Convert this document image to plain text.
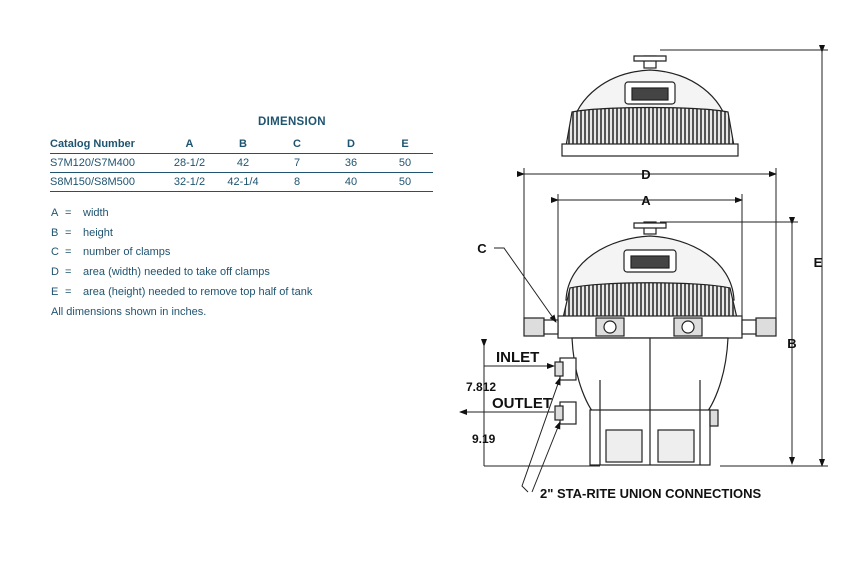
DIMENSION
Catalog Number	A	B	C	D	E
S7M120/S7M400	28-1/2	42	7	36	50
S8M150/S8M500	32-1/2	42-1/4	8	40	50
A = width
B = height
C = number of clamps
D = area (width) needed to take off clamps
E = area (height) needed to remove top half of tank
All dimensions shown in inches.
D
A
E
B
C
INLET
OUTLET
7.812
9.19
2" STA-RITE UNION CONNECTIONS
